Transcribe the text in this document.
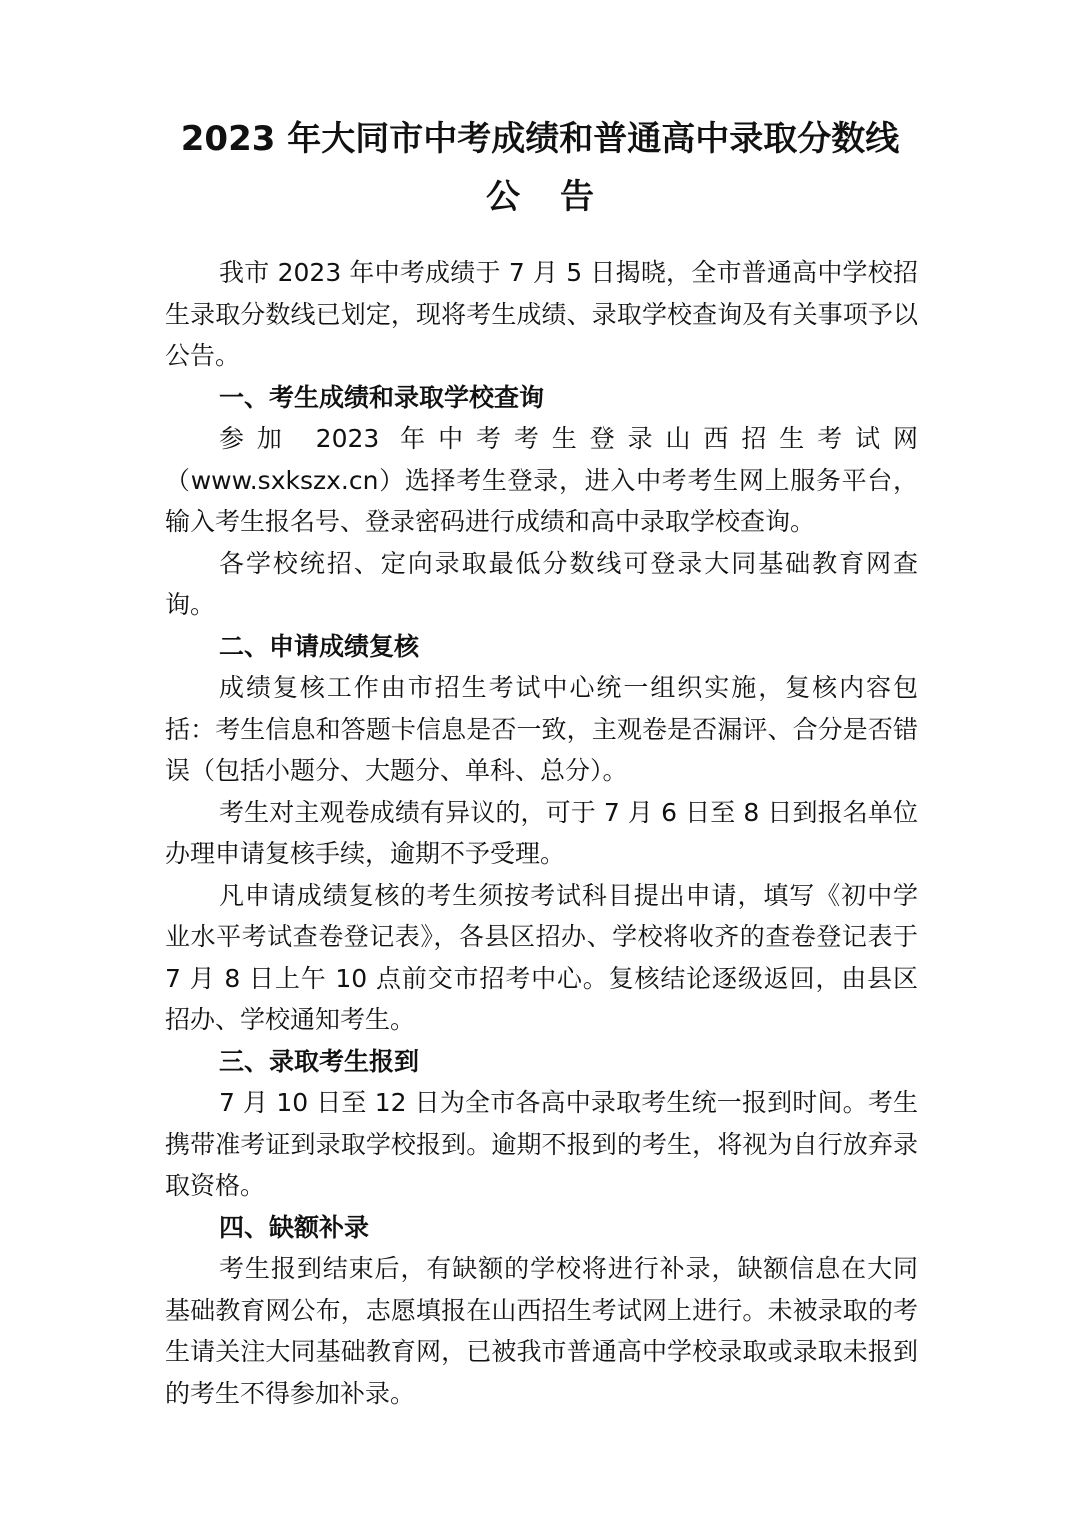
2023 年大同市中考成绩和普通高中录取分数线
公告

我市 2023 年中考成绩于 7 月 5 日揭晓，全市普通高中学校招生录取分数线已划定，现将考生成绩、录取学校查询及有关事项予以公告。

一、考生成绩和录取学校查询

参加 2023 年中考考生登录山西招生考试网（www.sxkszx.cn）选择考生登录，进入中考考生网上服务平台，输入考生报名号、登录密码进行成绩和高中录取学校查询。

各学校统招、定向录取最低分数线可登录大同基础教育网查询。

二、申请成绩复核

成绩复核工作由市招生考试中心统一组织实施，复核内容包括：考生信息和答题卡信息是否一致，主观卷是否漏评、合分是否错误（包括小题分、大题分、单科、总分）。

考生对主观卷成绩有异议的，可于 7 月 6 日至 8 日到报名单位办理申请复核手续，逾期不予受理。

凡申请成绩复核的考生须按考试科目提出申请，填写《初中学业水平考试查卷登记表》，各县区招办、学校将收齐的查卷登记表于 7 月 8 日上午 10 点前交市招考中心。复核结论逐级返回，由县区招办、学校通知考生。

三、录取考生报到

7 月 10 日至 12 日为全市各高中录取考生统一报到时间。考生携带准考证到录取学校报到。逾期不报到的考生，将视为自行放弃录取资格。

四、缺额补录

考生报到结束后，有缺额的学校将进行补录，缺额信息在大同基础教育网公布，志愿填报在山西招生考试网上进行。未被录取的考生请关注大同基础教育网，已被我市普通高中学校录取或录取未报到的考生不得参加补录。
